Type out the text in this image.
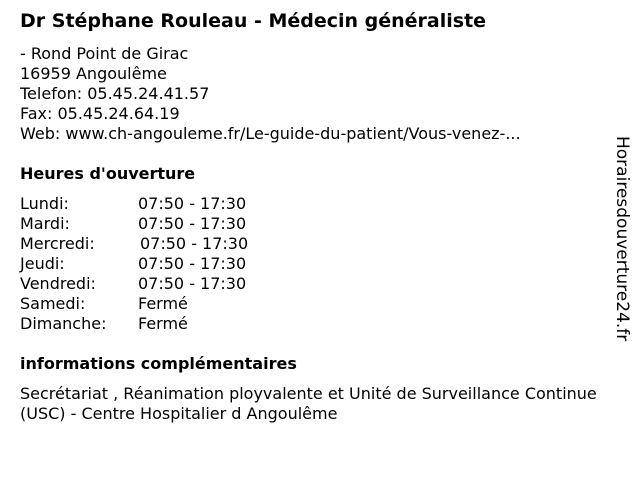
Dr Stéphane Rouleau - Médecin généraliste
- Rond Point de Girac
16959 Angoulême
Telefon: 05.45.24.41.57
Fax: 05.45.24.64.19
Web: www.ch-angouleme.fr/Le-guide-du-patient/Vous-venez-...
Heures d'ouverture
Lundi:	07:50 - 17:30
Mardi:	07:50 - 17:30
Mercredi:	07:50 - 17:30
Jeudi:	07:50 - 17:30
Vendredi:	07:50 - 17:30
Samedi:	Fermé
Dimanche: Fermé
informations complémentaires
Secrétariat , Réanimation ployvalente et Unité de Surveillance Continue (USC) - Centre Hospitalier d Angoulême
Horairesdouverture24.fr
